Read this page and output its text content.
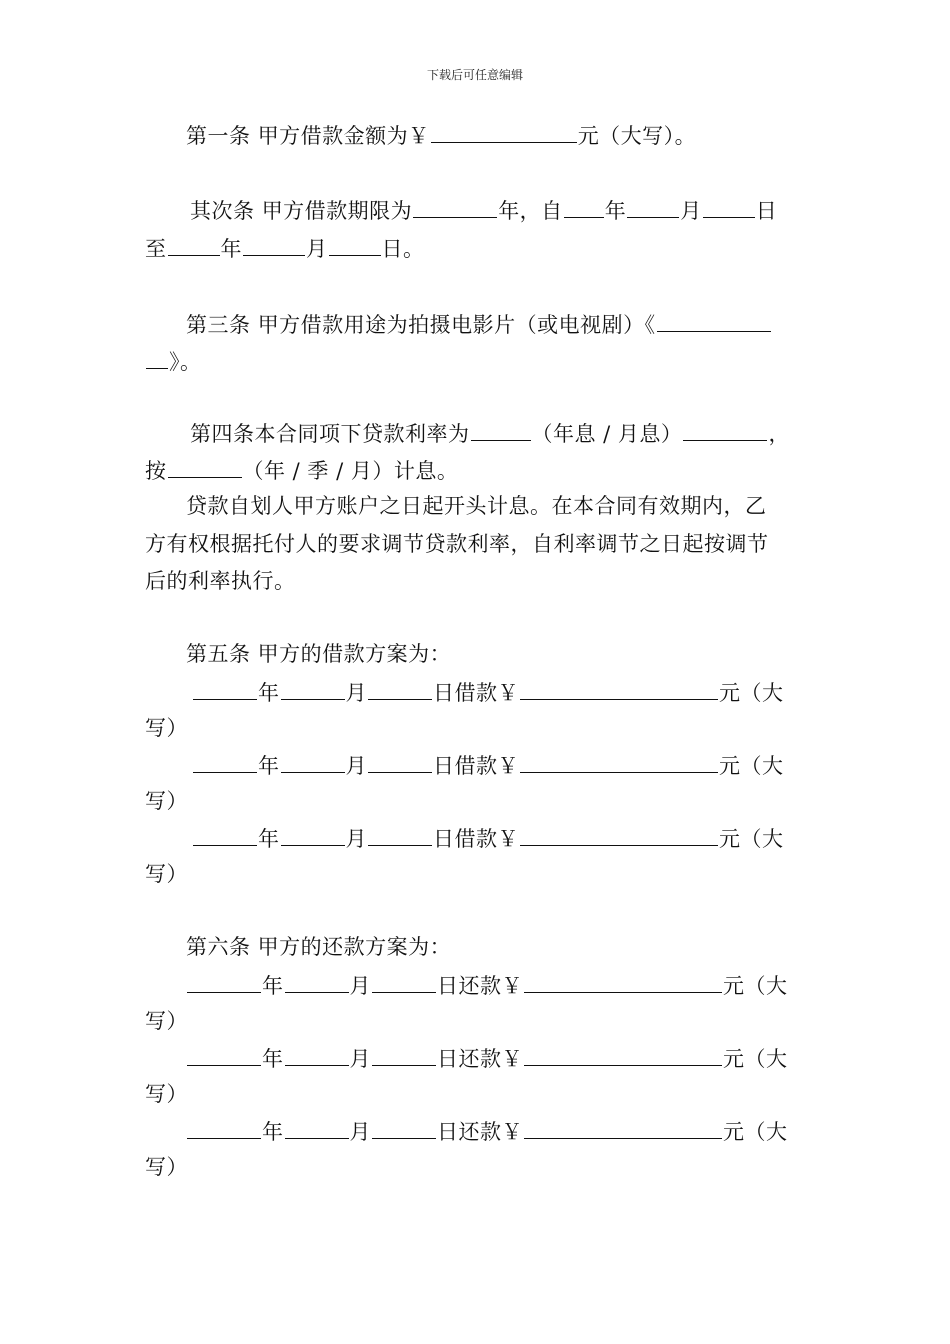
下载后可任意编辑
第一条 甲方借款金额为￥	元（大写）。
其次条 甲方借款期限为	年，自 年	月	日
至	年	月	日。
第三条 甲方借款用途为拍摄电影片（或电视剧）《
》。
第四条本合同项下贷款利率为	（年息 / 月息）	，
按	（年 / 季 / 月）计息。
贷款自划人甲方账户之日起开头计息。在本合同有效期内，乙
方有权根据托付人的要求调节贷款利率，自利率调节之日起按调节
后的利率执行。
第五条 甲方的借款方案为：
年	月	日借款￥	元（大
写）
年	月	日借款￥	元（大
写）
年	月	日借款￥	元（大
写）
第六条 甲方的还款方案为：
年	月	日还款￥	元（大
写）
年	月	日还款￥	元（大
写）
年	月	日还款￥	元（大
写）
